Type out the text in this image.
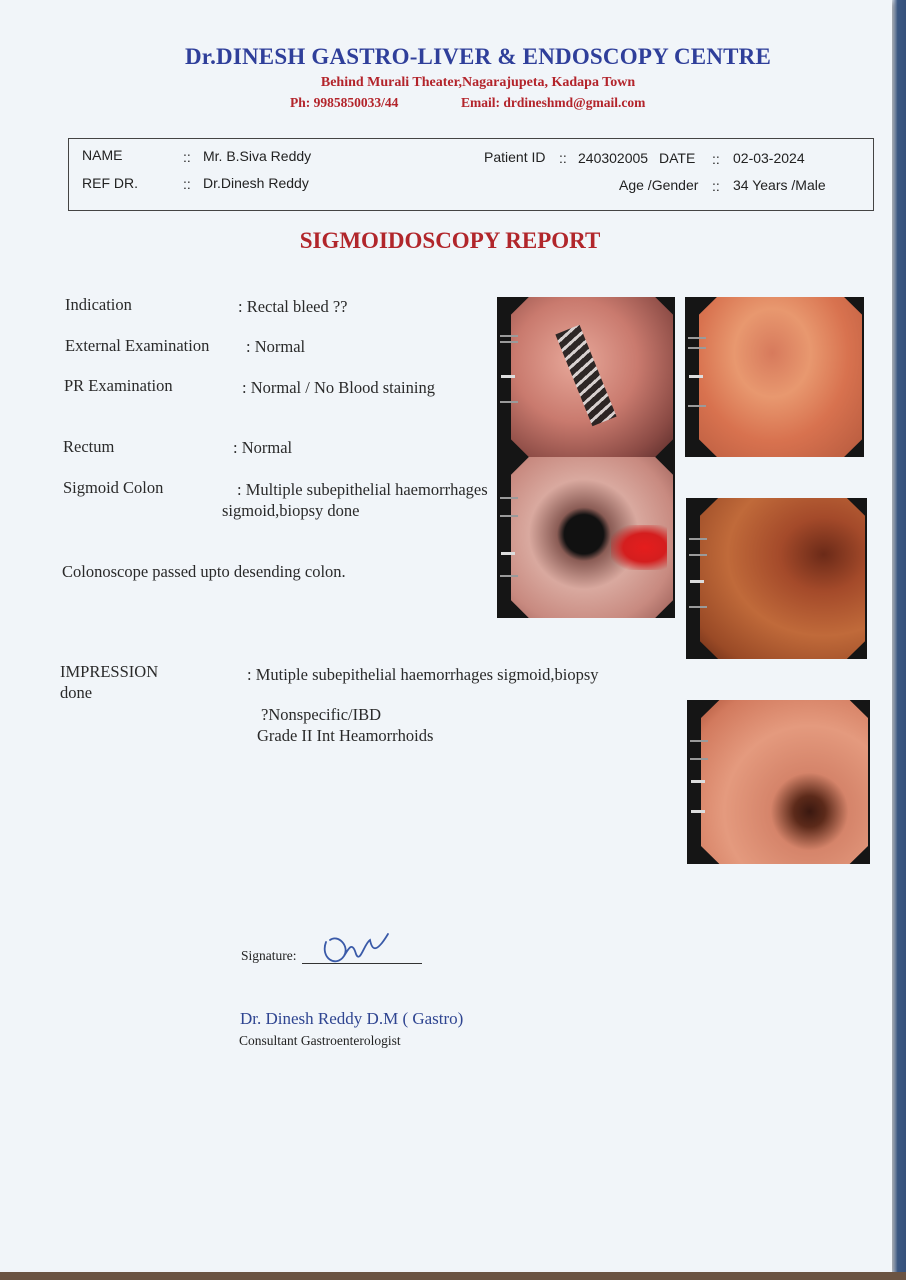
Dr.DINESH GASTRO-LIVER & ENDOSCOPY CENTRE
Behind Murali Theater,Nagarajupeta, Kadapa Town
Ph: 9985850033/44	Email: drdineshmd@gmail.com
NAME	:: Mr. B.Siva Reddy
REF DR.	:: Dr.Dinesh Reddy
Patient ID :: 240302005 DATE :: 02-03-2024
Age /Gender :: 34 Years /Male
SIGMOIDOSCOPY REPORT
Indication	: Rectal bleed ??
External Examination : Normal
PR Examination	: Normal / No Blood staining
Rectum	: Normal
Sigmoid Colon	: Multiple subepithelial haemorrhages
sigmoid,biopsy done
Colonoscope passed upto desending colon.
IMPRESSION
done
: Mutiple subepithelial haemorrhages sigmoid,biopsy
?Nonspecific/IBD
Grade II Int Heamorrhoids
Signature:
Dr. Dinesh Reddy D.M ( Gastro)
Consultant Gastroenterologist
